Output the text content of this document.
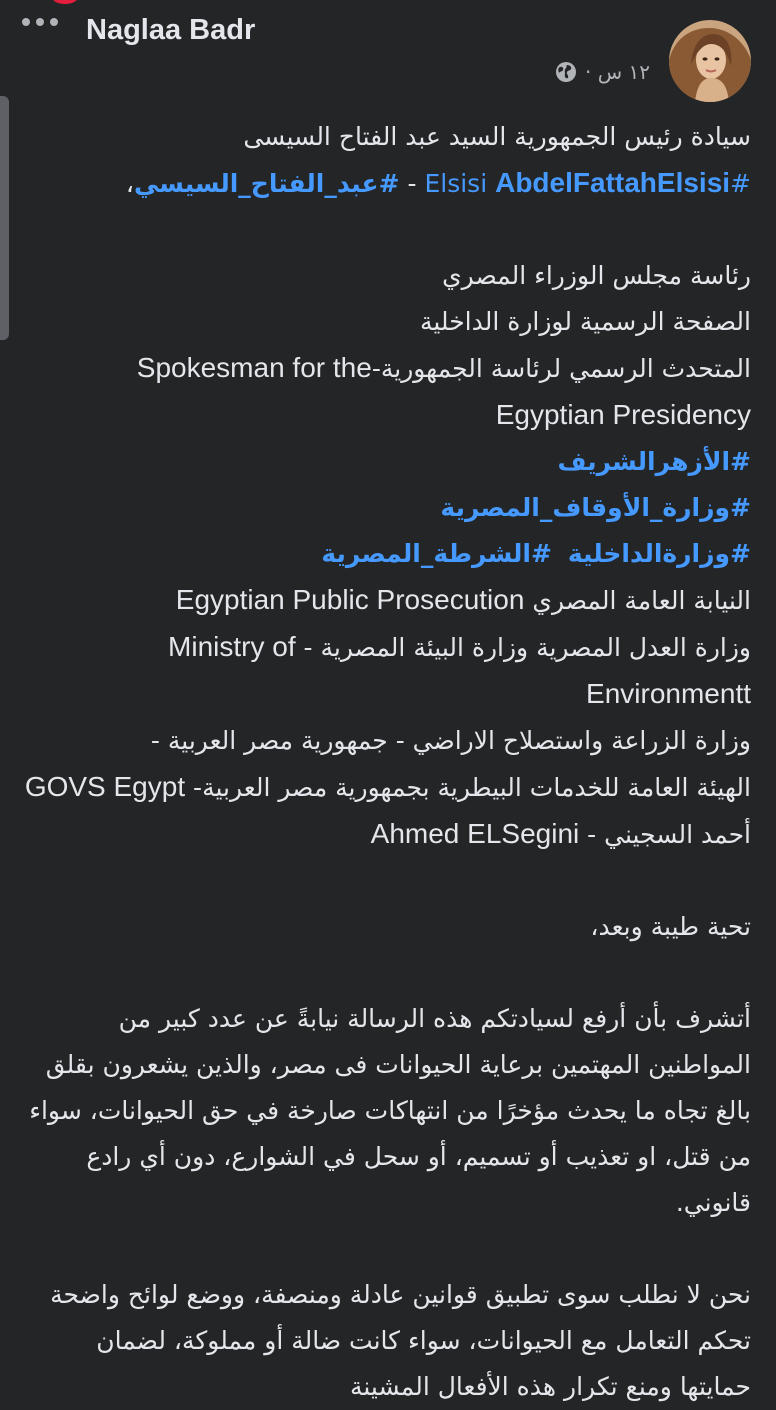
Naglaa Badr
١٢ س ·

سيادة رئيس الجمهورية السيد عبد الفتاح السيسى

#Elsisi AbdelFattahElsisi - #عبد_الفتاح_السيسي،

رئاسة مجلس الوزراء المصري

الصفحة الرسمية لوزارة الداخلية

المتحدث الرسمي لرئاسة الجمهورية-Spokesman for the Egyptian Presidency

#الأزهرالشريف

#وزارة_الأوقاف_المصرية

#وزارةالداخلية  #الشرطة_المصرية

النيابة العامة المصري Egyptian Public Prosecution

وزارة العدل المصرية وزارة البيئة المصرية - Ministry of Environmentt

وزارة الزراعة واستصلاح الاراضي - جمهورية مصر العربية -

الهيئة العامة للخدمات البيطرية بجمهورية مصر العربية- GOVS Egypt

أحمد السجيني - Ahmed ELSegini

تحية طيبة وبعد،

أتشرف بأن أرفع لسيادتكم هذه الرسالة نيابةً عن عدد كبير من المواطنين المهتمين برعاية الحيوانات فى مصر، والذين يشعرون بقلق بالغ تجاه ما يحدث مؤخرًا من انتهاكات صارخة في حق الحيوانات، سواء من قتل، او تعذيب أو تسميم، أو سحل في الشوارع، دون أي رادع قانوني.

نحن لا نطلب سوى تطبيق قوانين عادلة ومنصفة، ووضع لوائح واضحة تحكم التعامل مع الحيوانات، سواء كانت ضالة أو مملوكة، لضمان حمايتها ومنع تكرار هذه الأفعال المشينة
